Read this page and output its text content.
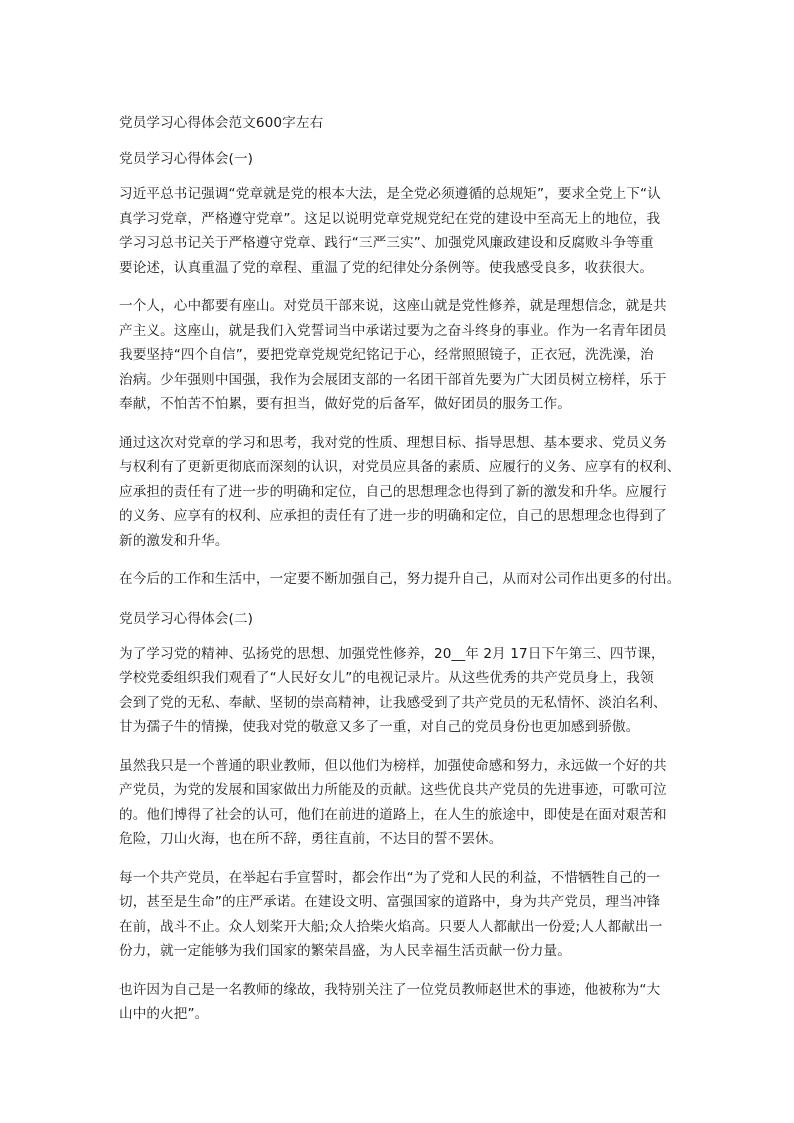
党员学习心得体会范文600字左右
党员学习心得体会(一)
习近平总书记强调“党章就是党的根本大法，是全党必须遵循的总规矩”，要求全党上下“认
真学习党章，严格遵守党章”。这足以说明党章党规党纪在党的建设中至高无上的地位，我
学习习总书记关于严格遵守党章、践行“三严三实”、加强党风廉政建设和反腐败斗争等重
要论述，认真重温了党的章程、重温了党的纪律处分条例等。使我感受良多，收获很大。
一个人，心中都要有座山。对党员干部来说，这座山就是党性修养，就是理想信念，就是共
产主义。这座山，就是我们入党誓词当中承诺过要为之奋斗终身的事业。作为一名青年团员
我要坚持“四个自信”，要把党章党规党纪铭记于心，经常照照镜子，正衣冠，洗洗澡，治
治病。少年强则中国强，我作为会展团支部的一名团干部首先要为广大团员树立榜样，乐于
奉献，不怕苦不怕累，要有担当，做好党的后备军，做好团员的服务工作。
通过这次对党章的学习和思考，我对党的性质、理想目标、指导思想、基本要求、党员义务
与权利有了更新更彻底而深刻的认识，对党员应具备的素质、应履行的义务、应享有的权利、
应承担的责任有了进一步的明确和定位，自己的思想理念也得到了新的激发和升华。应履行
的义务、应享有的权利、应承担的责任有了进一步的明确和定位，自己的思想理念也得到了
新的激发和升华。
在今后的工作和生活中，一定要不断加强自己，努力提升自己，从而对公司作出更多的付出。
党员学习心得体会(二)
为了学习党的精神、弘扬党的思想、加强党性修养，20__年 2月 17日下午第三、四节课，
学校党委组织我们观看了“人民好女儿”的电视记录片。从这些优秀的共产党员身上，我领
会到了党的无私、奉献、坚韧的崇高精神，让我感受到了共产党员的无私情怀、淡泊名利、
甘为孺子牛的情操，使我对党的敬意又多了一重，对自己的党员身份也更加感到骄傲。
虽然我只是一个普通的职业教师，但以他们为榜样，加强使命感和努力，永远做一个好的共
产党员，为党的发展和国家做出力所能及的贡献。这些优良共产党员的先进事迹，可歌可泣
的。他们博得了社会的认可，他们在前进的道路上，在人生的旅途中，即使是在面对艰苦和
危险，刀山火海，也在所不辞，勇往直前，不达目的誓不罢休。
每一个共产党员，在举起右手宣誓时，都会作出“为了党和人民的利益，不惜牺牲自己的一
切，甚至是生命”的庄严承诺。在建设文明、富强国家的道路中，身为共产党员，理当冲锋
在前，战斗不止。众人划桨开大船;众人拾柴火焰高。只要人人都献出一份爱;人人都献出一
份力，就一定能够为我们国家的繁荣昌盛，为人民幸福生活贡献一份力量。
也许因为自己是一名教师的缘故，我特别关注了一位党员教师赵世术的事迹，他被称为“大
山中的火把”。
